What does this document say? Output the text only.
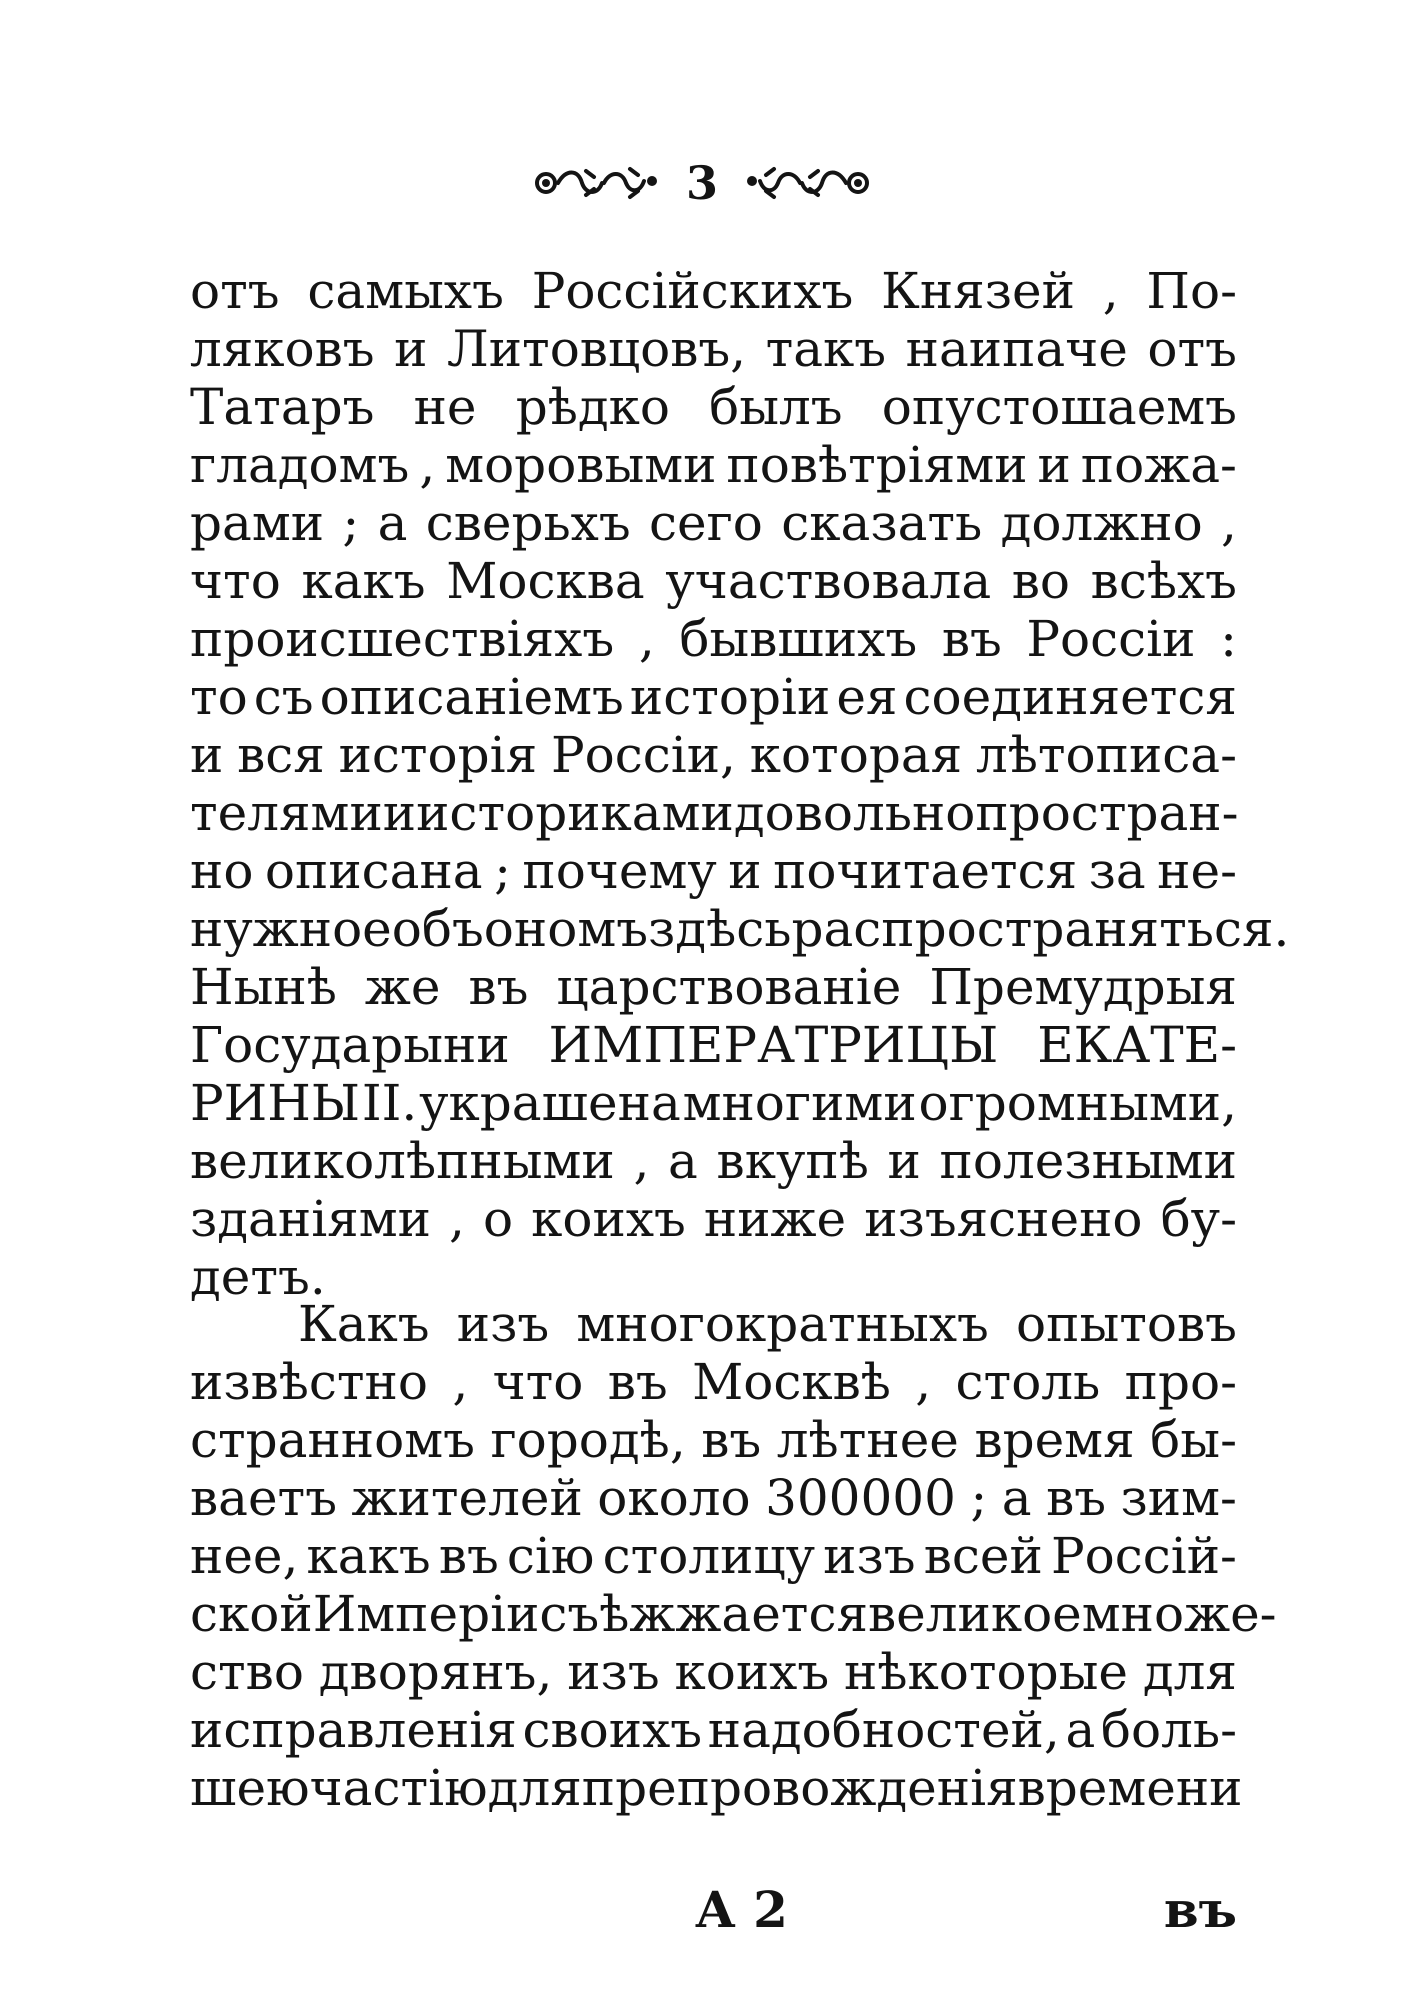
3
отъ самыхъ Россiйскихъ Князей , По-
ляковъ и Литовцовъ, такъ наипаче отъ
Татаръ не рѣдко былъ опустошаемъ
гладомъ , моровыми повѣтрiями и пожа-
рами ; а сверьхъ сего сказать должно ,
что какъ Москва участвовала во всѣхъ
происшествiяхъ , бывшихъ въ Россiи :
то съ описанiемъ исторiи ея соединяется
и вся исторiя Россiи, которая лѣтописа-
телями и историками довольно простран-
но описана ; почему и почитается за не-
нужное объ ономъ здѣсь распространяться.
Нынѣ же въ царствованiе Премудрыя
Государыни ИМПЕРАТРИЦЫ ЕКАТЕ-
РИНЫ II. украшена многими огромными,
великолѣпными , а вкупѣ и полезными
зданiями , о коихъ ниже изъяснено бу-
детъ.
Какъ изъ многократныхъ опытовъ
извѣстно , что въ Москвѣ , столь про-
странномъ городѣ, въ лѣтнее время бы-
ваетъ жителей около 300000 ; а въ зим-
нее, какъ въ сiю столицу изъ всей Россiй-
ской Имперiи съѣжжается великое множе-
ство дворянъ, изъ коихъ нѣкоторые для
исправленiя своихъ надобностей, а боль-
шею частiю для препровожденiя времени
А 2	въ
